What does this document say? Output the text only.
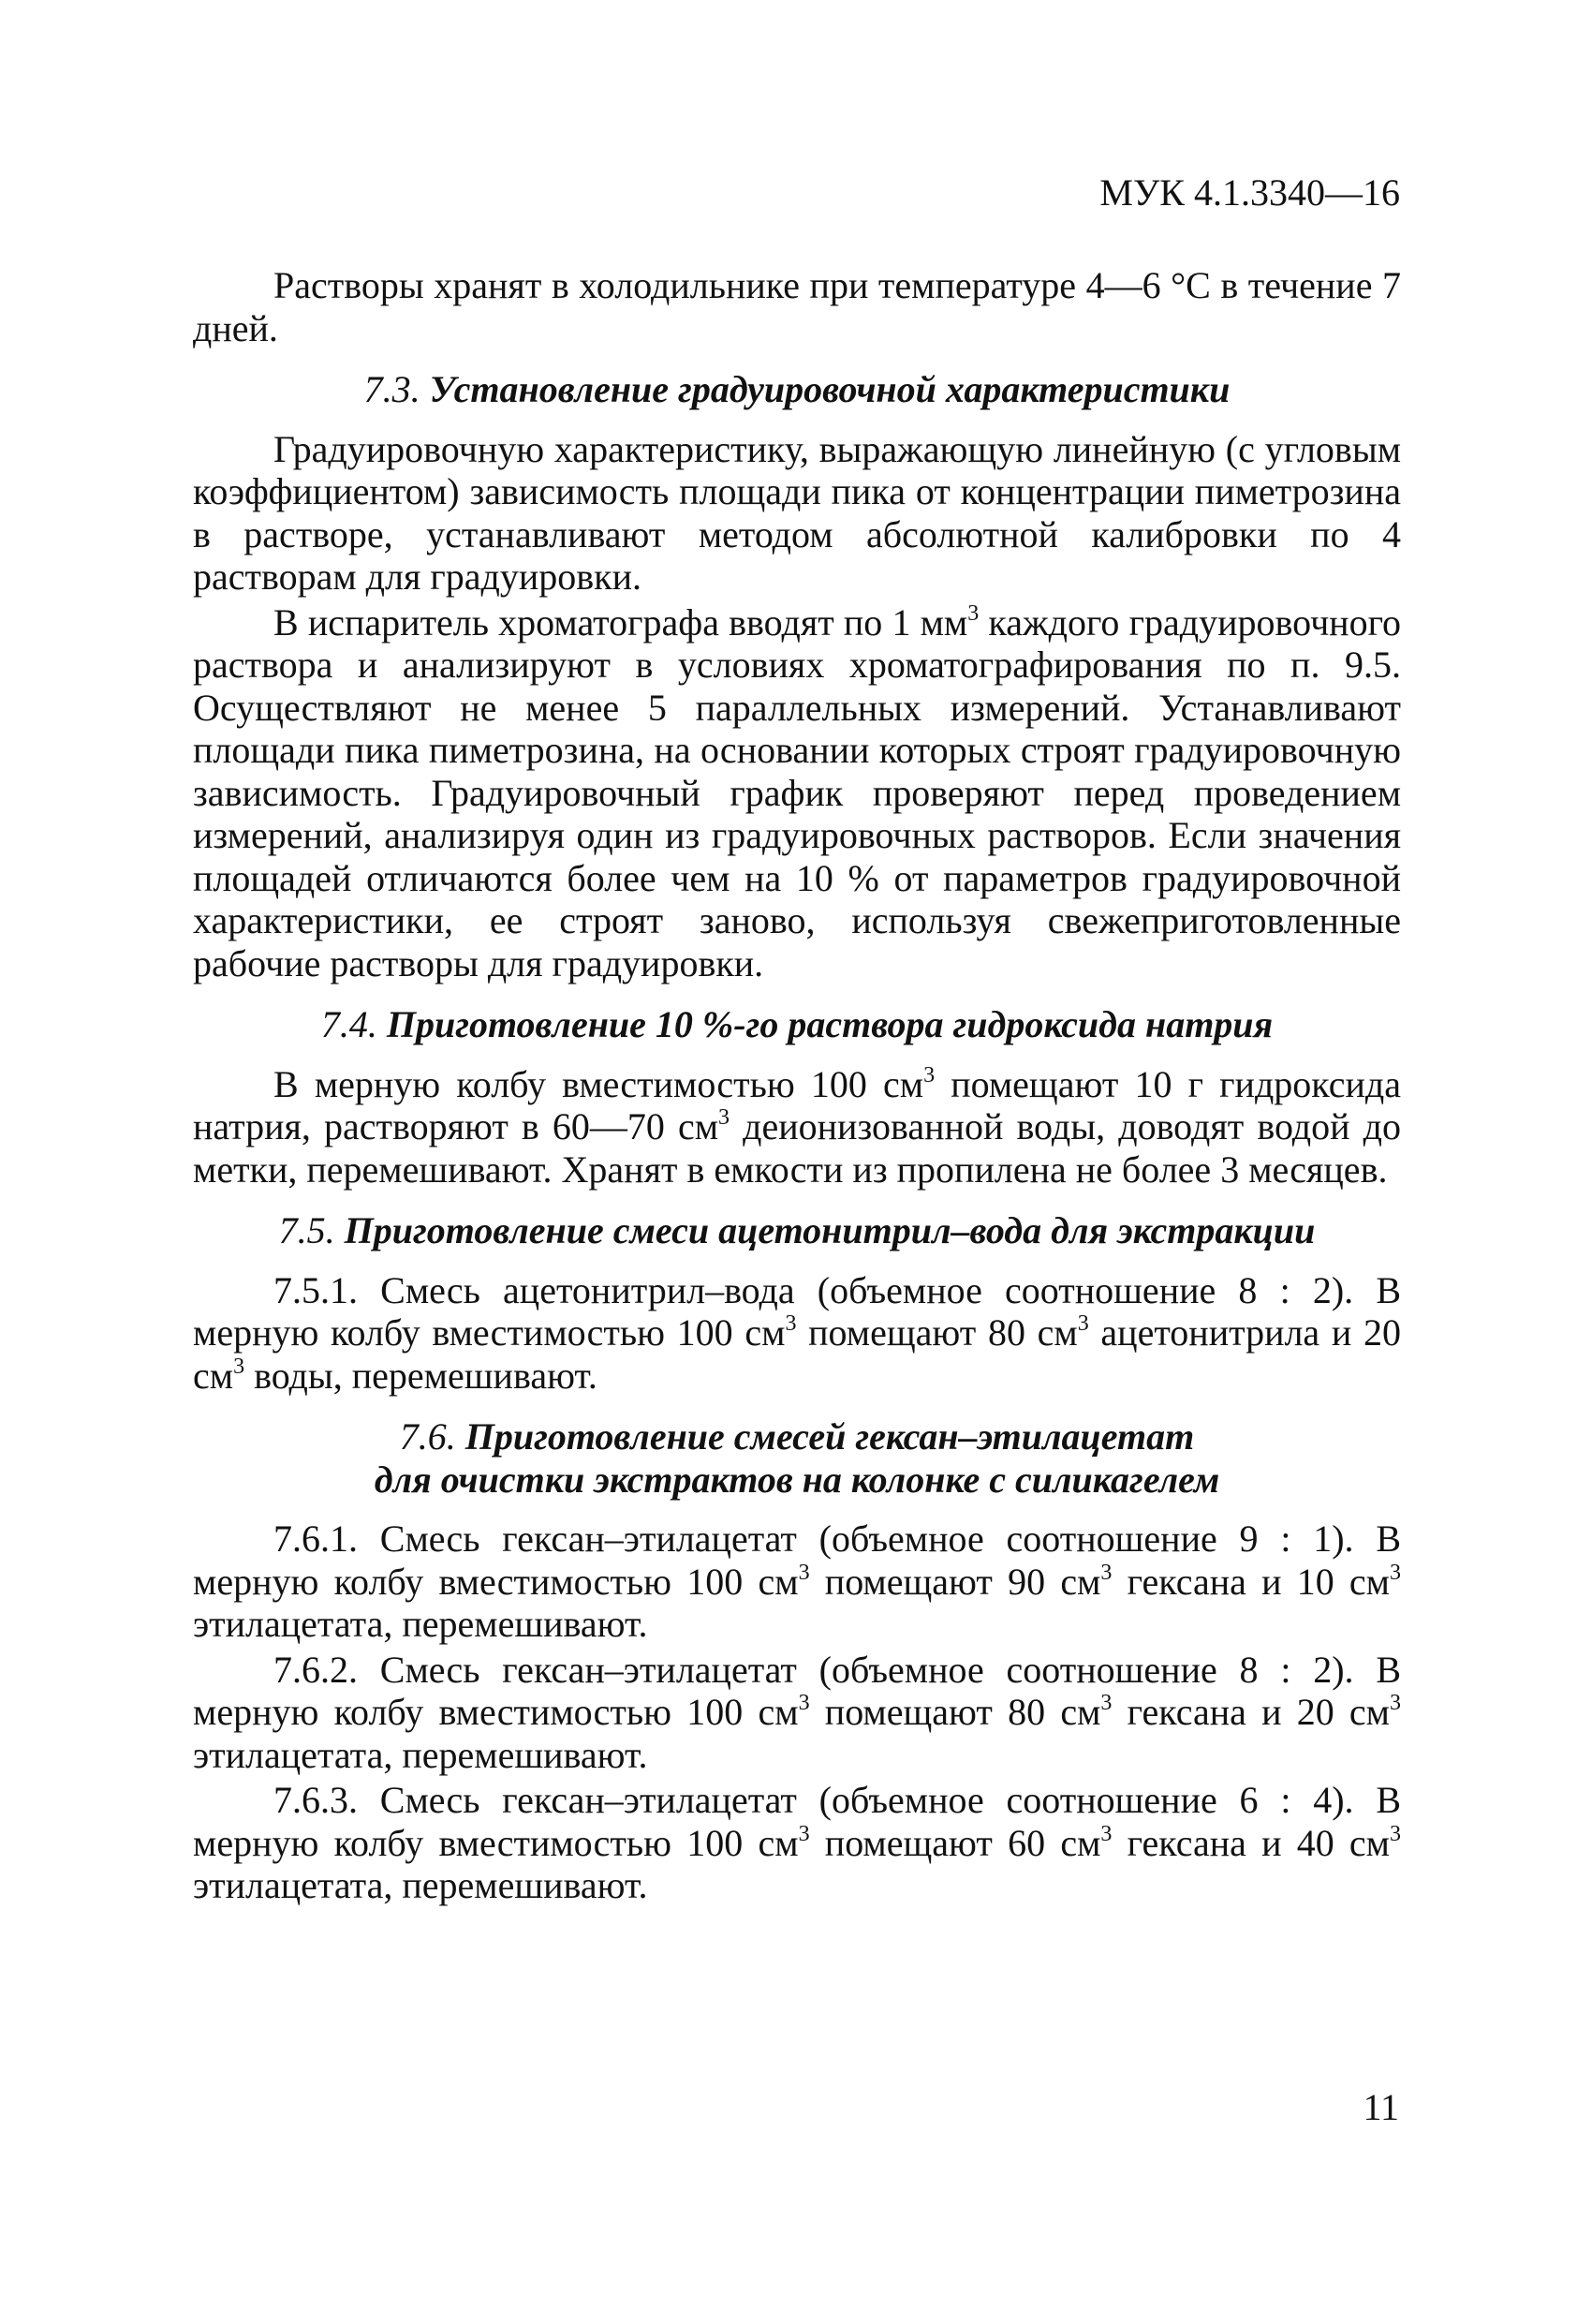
МУК 4.1.3340—16

Растворы хранят в холодильнике при температуре 4—6 °С в течение 7 дней.

7.3. Установление градуировочной характеристики

Градуировочную характеристику, выражающую линейную (с угловым коэффициентом) зависимость площади пика от концентрации пиметрозина в растворе, устанавливают методом абсолютной калибровки по 4 растворам для градуировки.

В испаритель хроматографа вводят по 1 $мм^3$ каждого градуировочного раствора и анализируют в условиях хроматографирования по п. 9.5. Осуществляют не менее 5 параллельных измерений. Устанавливают площади пика пиметрозина, на основании которых строят градуировочную зависимость. Градуировочный график проверяют перед проведением измерений, анализируя один из градуировочных растворов. Если значения площадей отличаются более чем на 10 % от параметров градуировочной характеристики, ее строят заново, используя свежеприготовленные рабочие растворы для градуировки.

7.4. Приготовление 10 %-го раствора гидроксида натрия

В мерную колбу вместимостью 100 $см^3$ помещают 10 г гидроксида натрия, растворяют в 60—70 $см^3$ деионизованной воды, доводят водой до метки, перемешивают. Хранят в емкости из пропилена не более 3 месяцев.

7.5. Приготовление смеси ацетонитрил–вода для экстракции

7.5.1. Смесь ацетонитрил–вода (объемное соотношение 8 : 2). В мерную колбу вместимостью 100 $см^3$ помещают 80 $см^3$ ацетонитрила и 20 $см^3$ воды, перемешивают.

7.6. Приготовление смесей гексан–этилацетат
для очистки экстрактов на колонке с силикагелем

7.6.1. Смесь гексан–этилацетат (объемное соотношение 9 : 1). В мерную колбу вместимостью 100 $см^3$ помещают 90 $см^3$ гексана и 10 $см^3$ этилацетата, перемешивают.

7.6.2. Смесь гексан–этилацетат (объемное соотношение 8 : 2). В мерную колбу вместимостью 100 $см^3$ помещают 80 $см^3$ гексана и 20 $см^3$ этилацетата, перемешивают.

7.6.3. Смесь гексан–этилацетат (объемное соотношение 6 : 4). В мерную колбу вместимостью 100 $см^3$ помещают 60 $см^3$ гексана и 40 $см^3$ этилацетата, перемешивают.

11
